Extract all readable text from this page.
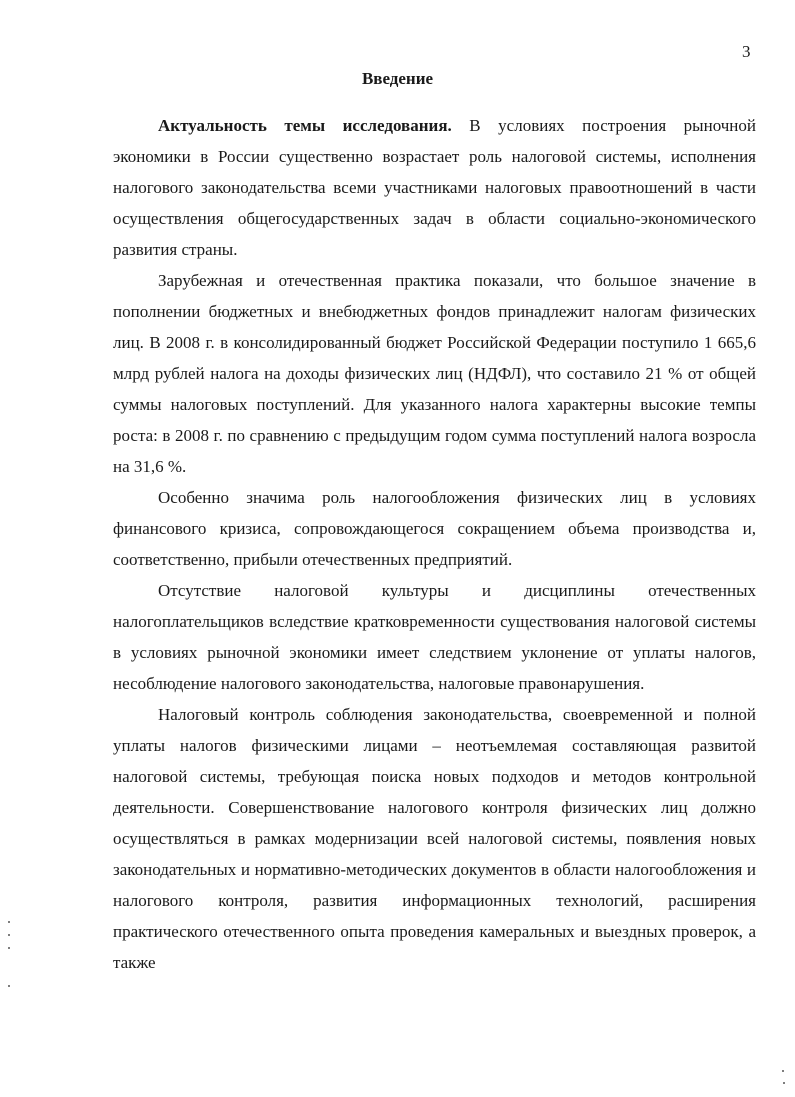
3
Введение

Актуальность темы исследования. В условиях построения рыночной экономики в России существенно возрастает роль налоговой системы, исполнения налогового законодательства всеми участниками налоговых правоотношений в части осуществления общегосударственных задач в области социально-экономического развития страны.

Зарубежная и отечественная практика показали, что большое значение в пополнении бюджетных и внебюджетных фондов принадлежит налогам физических лиц. В 2008 г. в консолидированный бюджет Российской Федерации поступило 1 665,6 млрд рублей налога на доходы физических лиц (НДФЛ), что составило 21 % от общей суммы налоговых поступлений. Для указанного налога характерны высокие темпы роста: в 2008 г. по сравнению с предыдущим годом сумма поступлений налога возросла на 31,6 %.

Особенно значима роль налогообложения физических лиц в условиях финансового кризиса, сопровождающегося сокращением объема производства и, соответственно, прибыли отечественных предприятий.

Отсутствие налоговой культуры и дисциплины отечественных налогоплательщиков вследствие кратковременности существования налоговой системы в условиях рыночной экономики имеет следствием уклонение от уплаты налогов, несоблюдение налогового законодательства, налоговые правонарушения.

Налоговый контроль соблюдения законодательства, своевременной и полной уплаты налогов физическими лицами – неотъемлемая составляющая развитой налоговой системы, требующая поиска новых подходов и методов контрольной деятельности. Совершенствование налогового контроля физических лиц должно осуществляться в рамках модернизации всей налоговой системы, появления новых законодательных и нормативно-методических документов в области налогообложения и налогового контроля, развития информационных технологий, расширения практического отечественного опыта проведения камеральных и выездных проверок, а также
